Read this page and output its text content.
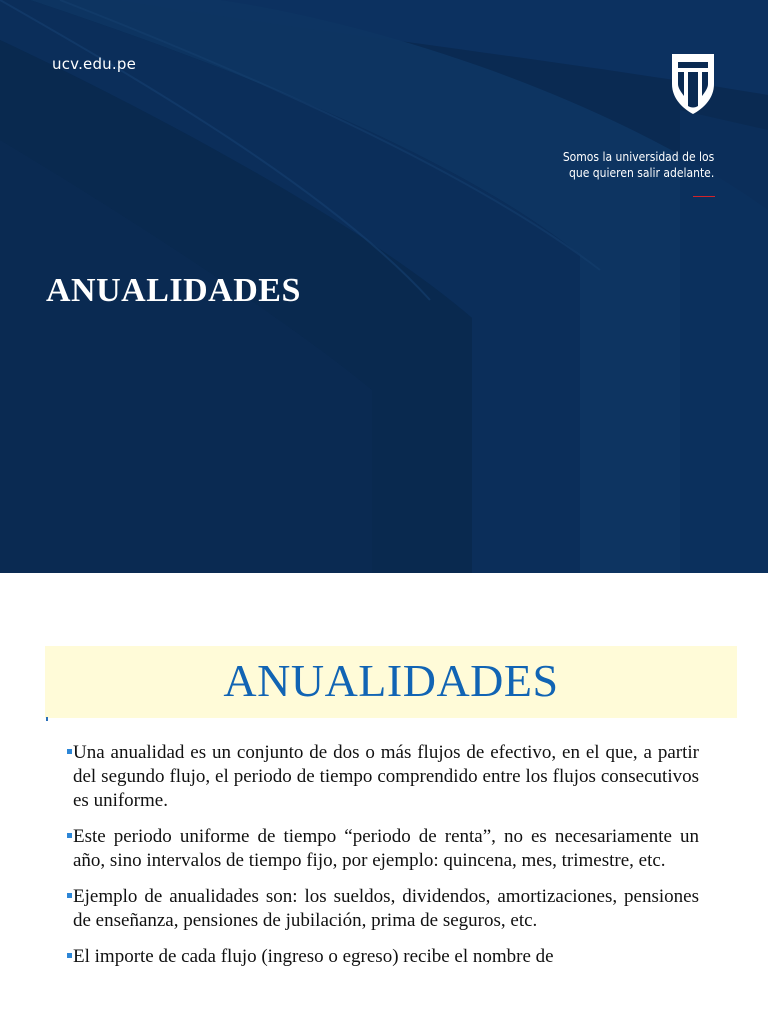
ucv.edu.pe
Somos la universidad de los
que quieren salir adelante.
ANUALIDADES
ANUALIDADES
Una anualidad es un conjunto de dos o más flujos de efectivo, en el que, a partir del segundo flujo, el periodo de tiempo comprendido entre los flujos consecutivos es uniforme.
Este periodo uniforme de tiempo “periodo de renta”, no es necesariamente un año, sino intervalos de tiempo fijo, por ejemplo: quincena, mes, trimestre, etc.
Ejemplo de anualidades son: los sueldos, dividendos, amortizaciones, pensiones de enseñanza, pensiones de jubilación, prima de seguros, etc.
El importe de cada flujo (ingreso o egreso) recibe el nombre de
